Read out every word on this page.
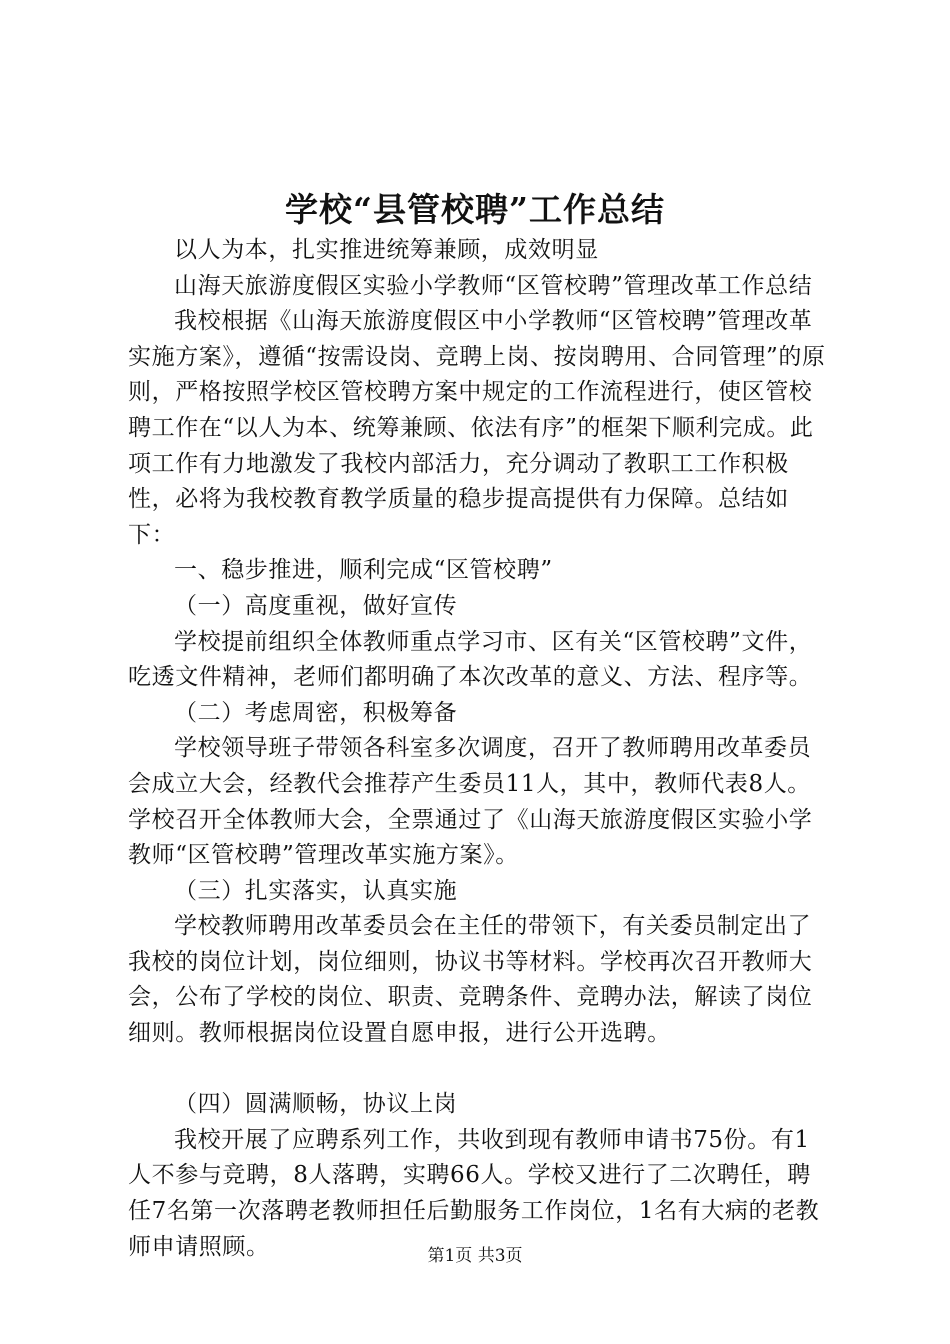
学校“县管校聘”工作总结

以人为本，扎实推进统筹兼顾，成效明显

山海天旅游度假区实验小学教师“区管校聘”管理改革工作总结

我校根据《山海天旅游度假区中小学教师“区管校聘”管理改革实施方案》，遵循“按需设岗、竞聘上岗、按岗聘用、合同管理”的原则，严格按照学校区管校聘方案中规定的工作流程进行，使区管校聘工作在“以人为本、统筹兼顾、依法有序”的框架下顺利完成。此项工作有力地激发了我校内部活力，充分调动了教职工工作积极性，必将为我校教育教学质量的稳步提高提供有力保障。总结如下：

一、稳步推进，顺利完成“区管校聘”

（一）高度重视，做好宣传

学校提前组织全体教师重点学习市、区有关“区管校聘”文件，吃透文件精神，老师们都明确了本次改革的意义、方法、程序等。

（二）考虑周密，积极筹备

学校领导班子带领各科室多次调度，召开了教师聘用改革委员会成立大会，经教代会推荐产生委员11人，其中，教师代表8人。学校召开全体教师大会，全票通过了《山海天旅游度假区实验小学教师“区管校聘”管理改革实施方案》。

（三）扎实落实，认真实施

学校教师聘用改革委员会在主任的带领下，有关委员制定出了我校的岗位计划，岗位细则，协议书等材料。学校再次召开教师大会，公布了学校的岗位、职责、竞聘条件、竞聘办法，解读了岗位细则。教师根据岗位设置自愿申报，进行公开选聘。

（四）圆满顺畅，协议上岗

我校开展了应聘系列工作，共收到现有教师申请书75份。有1人不参与竞聘，8人落聘，实聘66人。学校又进行了二次聘任，聘任7名第一次落聘老教师担任后勤服务工作岗位，1名有大病的老教师申请照顾。	第1页 共3页
